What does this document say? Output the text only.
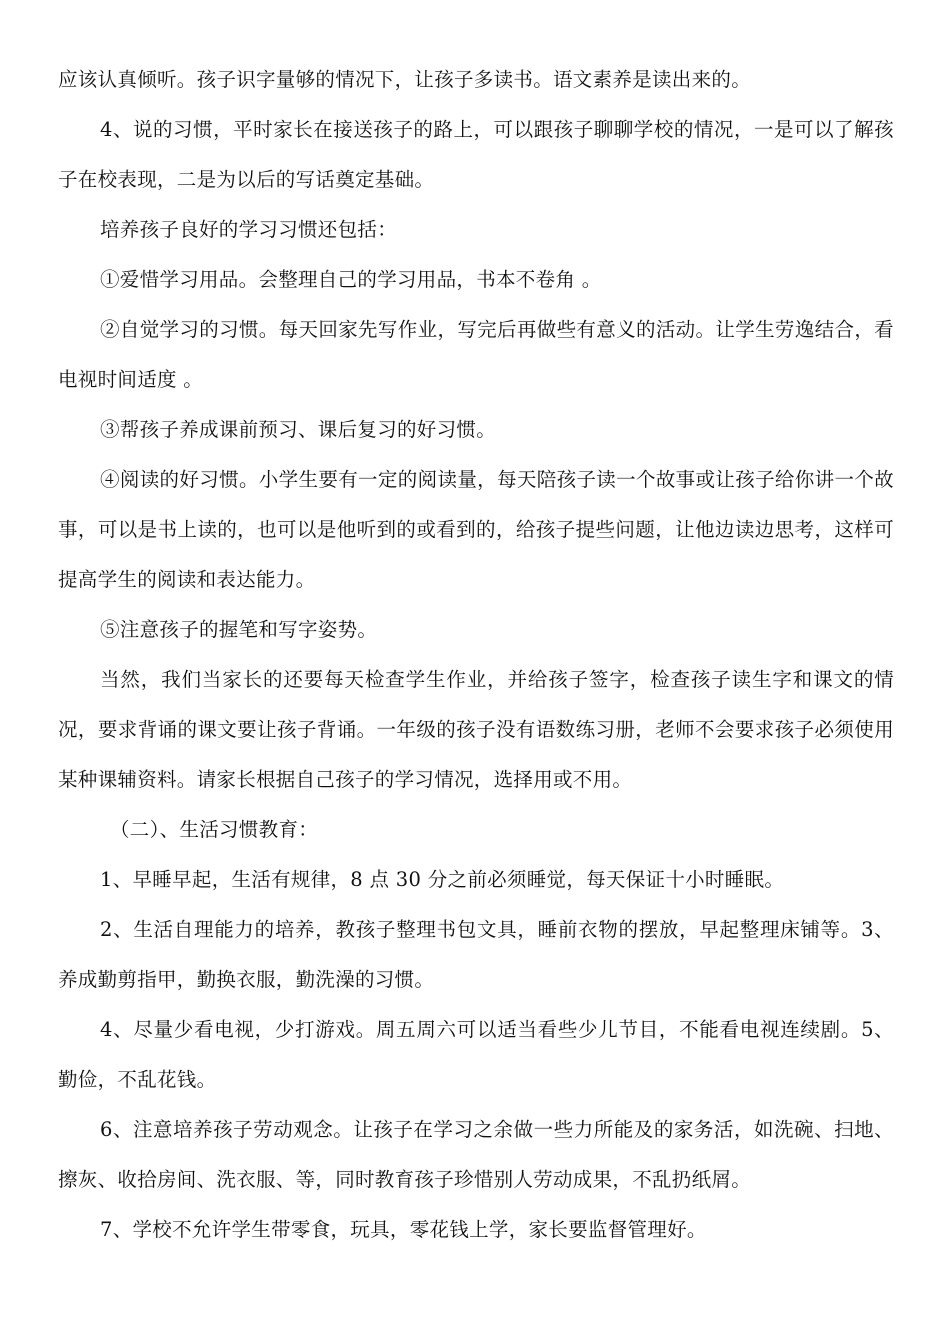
应该认真倾听。孩子识字量够的情况下，让孩子多读书。语文素养是读出来的。

4、说的习惯，平时家长在接送孩子的路上，可以跟孩子聊聊学校的情况，一是可以了解孩子在校表现，二是为以后的写话奠定基础。

培养孩子良好的学习习惯还包括：

①爱惜学习用品。会整理自己的学习用品，书本不卷角 。

②自觉学习的习惯。每天回家先写作业，写完后再做些有意义的活动。让学生劳逸结合，看电视时间适度 。

③帮孩子养成课前预习、课后复习的好习惯。

④阅读的好习惯。小学生要有一定的阅读量，每天陪孩子读一个故事或让孩子给你讲一个故事，可以是书上读的，也可以是他听到的或看到的，给孩子提些问题，让他边读边思考，这样可提高学生的阅读和表达能力。

⑤注意孩子的握笔和写字姿势。

当然，我们当家长的还要每天检查学生作业，并给孩子签字，检查孩子读生字和课文的情况，要求背诵的课文要让孩子背诵。一年级的孩子没有语数练习册，老师不会要求孩子必须使用某种课辅资料。请家长根据自己孩子的学习情况，选择用或不用。

（二）、生活习惯教育：

1、早睡早起，生活有规律，8 点 30 分之前必须睡觉，每天保证十小时睡眠。

2、生活自理能力的培养，教孩子整理书包文具，睡前衣物的摆放，早起整理床铺等。3、养成勤剪指甲，勤换衣服，勤洗澡的习惯。

4、尽量少看电视，少打游戏。周五周六可以适当看些少儿节目，不能看电视连续剧。5、勤俭，不乱花钱。

6、注意培养孩子劳动观念。让孩子在学习之余做一些力所能及的家务活，如洗碗、扫地、擦灰、收拾房间、洗衣服、等，同时教育孩子珍惜别人劳动成果，不乱扔纸屑。

7、学校不允许学生带零食，玩具，零花钱上学，家长要监督管理好。
